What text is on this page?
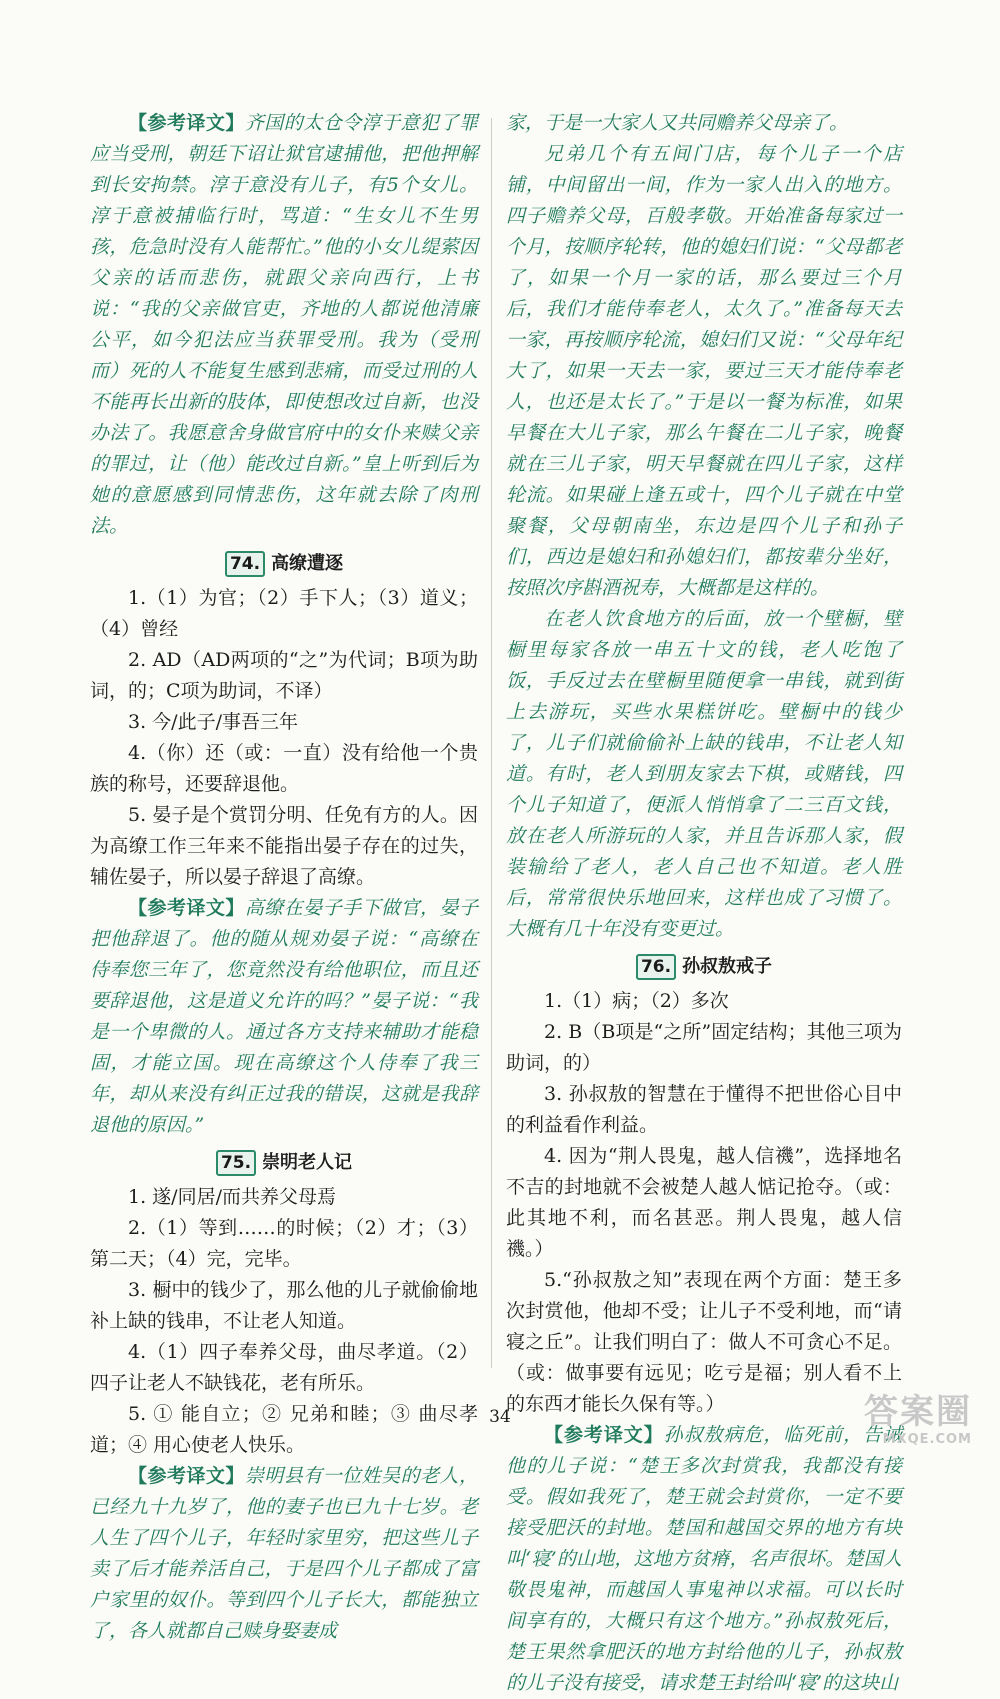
【参考译文】齐国的太仓令淳于意犯了罪应当受刑，朝廷下诏让狱官逮捕他，把他押解到长安拘禁。淳于意没有儿子，有5个女儿。淳于意被捕临行时，骂道：“生女儿不生男孩，危急时没有人能帮忙。”他的小女儿缇萦因父亲的话而悲伤，就跟父亲向西行，上书说：“我的父亲做官吏，齐地的人都说他清廉公平，如今犯法应当获罪受刑。我为（受刑而）死的人不能复生感到悲痛，而受过刑的人不能再长出新的肢体，即使想改过自新，也没办法了。我愿意舍身做官府中的女仆来赎父亲的罪过，让（他）能改过自新。”皇上听到后为她的意愿感到同情悲伤，这年就去除了肉刑法。

74. 高缭遭逐

1.（1）为官；（2）手下人；（3）道义；（4）曾经

2. AD（AD两项的“之”为代词；B项为助词，的；C项为助词，不译）

3. 今/此子/事吾三年

4.（你）还（或：一直）没有给他一个贵族的称号，还要辞退他。

5. 晏子是个赏罚分明、任免有方的人。因为高缭工作三年来不能指出晏子存在的过失，辅佐晏子，所以晏子辞退了高缭。

【参考译文】高缭在晏子手下做官，晏子把他辞退了。他的随从规劝晏子说：“高缭在侍奉您三年了，您竟然没有给他职位，而且还要辞退他，这是道义允许的吗？”晏子说：“我是一个卑微的人。通过各方支持来辅助才能稳固，才能立国。现在高缭这个人侍奉了我三年，却从来没有纠正过我的错误，这就是我辞退他的原因。”

75. 崇明老人记

1. 遂/同居/而共养父母焉

2.（1）等到……的时候；（2）才；（3）第二天；（4）完，完毕。

3. 橱中的钱少了，那么他的儿子就偷偷地补上缺的钱串，不让老人知道。

4.（1）四子奉养父母，曲尽孝道。（2）四子让老人不缺钱花，老有所乐。

5. ① 能自立；② 兄弟和睦；③ 曲尽孝道；④ 用心使老人快乐。

【参考译文】崇明县有一位姓吴的老人，已经九十九岁了，他的妻子也已九十七岁。老人生了四个儿子，年轻时家里穷，把这些儿子卖了后才能养活自己，于是四个儿子都成了富户家里的奴仆。等到四个儿子长大，都能独立了，各人就都自己赎身娶妻成

家，于是一大家人又共同赡养父母亲了。

兄弟几个有五间门店，每个儿子一个店铺，中间留出一间，作为一家人出入的地方。四子赡养父母，百般孝敬。开始准备每家过一个月，按顺序轮转，他的媳妇们说：“父母都老了，如果一个月一家的话，那么要过三个月后，我们才能侍奉老人，太久了。”准备每天去一家，再按顺序轮流，媳妇们又说：“父母年纪大了，如果一天去一家，要过三天才能侍奉老人，也还是太长了。”于是以一餐为标准，如果早餐在大儿子家，那么午餐在二儿子家，晚餐就在三儿子家，明天早餐就在四儿子家，这样轮流。如果碰上逢五或十，四个儿子就在中堂聚餐，父母朝南坐，东边是四个儿子和孙子们，西边是媳妇和孙媳妇们，都按辈分坐好，按照次序斟酒祝寿，大概都是这样的。

在老人饮食地方的后面，放一个壁橱，壁橱里每家各放一串五十文的钱，老人吃饱了饭，手反过去在壁橱里随便拿一串钱，就到街上去游玩，买些水果糕饼吃。壁橱中的钱少了，儿子们就偷偷补上缺的钱串，不让老人知道。有时，老人到朋友家去下棋，或赌钱，四个儿子知道了，便派人悄悄拿了二三百文钱，放在老人所游玩的人家，并且告诉那人家，假装输给了老人，老人自己也不知道。老人胜后，常常很快乐地回来，这样也成了习惯了。大概有几十年没有变更过。

76. 孙叔敖戒子

1.（1）病；（2）多次

2. B（B项是“之所”固定结构；其他三项为助词，的）

3. 孙叔敖的智慧在于懂得不把世俗心目中的利益看作利益。

4. 因为“荆人畏鬼，越人信禨”，选择地名不吉的封地就不会被楚人越人惦记抢夺。（或：此其地不利，而名甚恶。荆人畏鬼，越人信禨。）

5.“孙叔敖之知”表现在两个方面：楚王多次封赏他，他却不受；让儿子不受利地，而“请寝之丘”。让我们明白了：做人不可贪心不足。（或：做事要有远见；吃亏是福；别人看不上的东西才能长久保有等。）

【参考译文】孙叔敖病危，临死前，告诫他的儿子说：“楚王多次封赏我，我都没有接受。假如我死了，楚王就会封赏你，一定不要接受肥沃的封地。楚国和越国交界的地方有块叫‘寝’的山地，这地方贫瘠，名声很坏。楚国人敬畏鬼神，而越国人事鬼神以求福。可以长时间享有的，大概只有这个地方。”孙叔敖死后，楚王果然拿肥沃的地方封给他的儿子，孙叔敖的儿子没有接受，请求楚王封给叫‘寝’的这块山

34	答案圈
MXQE.COM
